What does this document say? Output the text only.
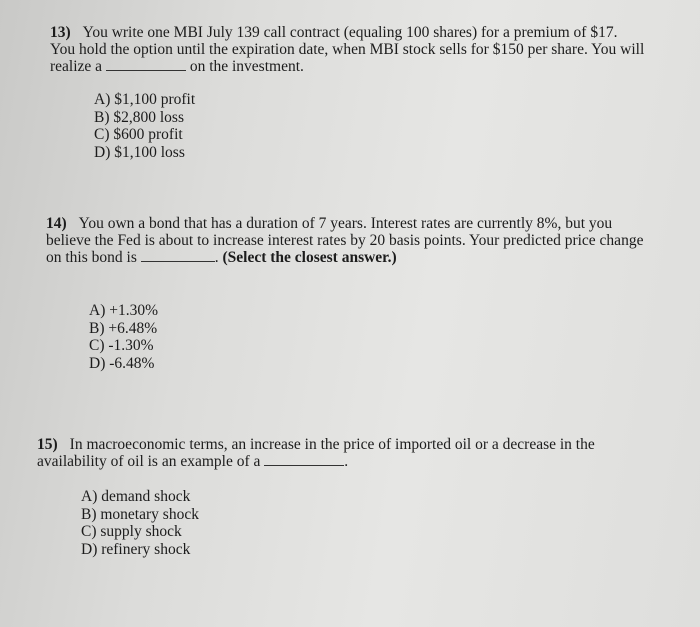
13) You write one MBI July 139 call contract (equaling 100 shares) for a premium of $17.

You hold the option until the expiration date, when MBI stock sells for $150 per share. You will

realize a	on the investment.

A) $1,100 profit
B) $2,800 loss
C) $600 profit
D) $1,100 loss

14) You own a bond that has a duration of 7 years. Interest rates are currently 8%, but you

believe the Fed is about to increase interest rates by 20 basis points. Your predicted price change

on this bond is	. (Select the closest answer.)

A) +1.30%
B) +6.48%
C) -1.30%
D) -6.48%

15) In macroeconomic terms, an increase in the price of imported oil or a decrease in the

availability of oil is an example of a	.

A) demand shock
B) monetary shock
C) supply shock
D) refinery shock
